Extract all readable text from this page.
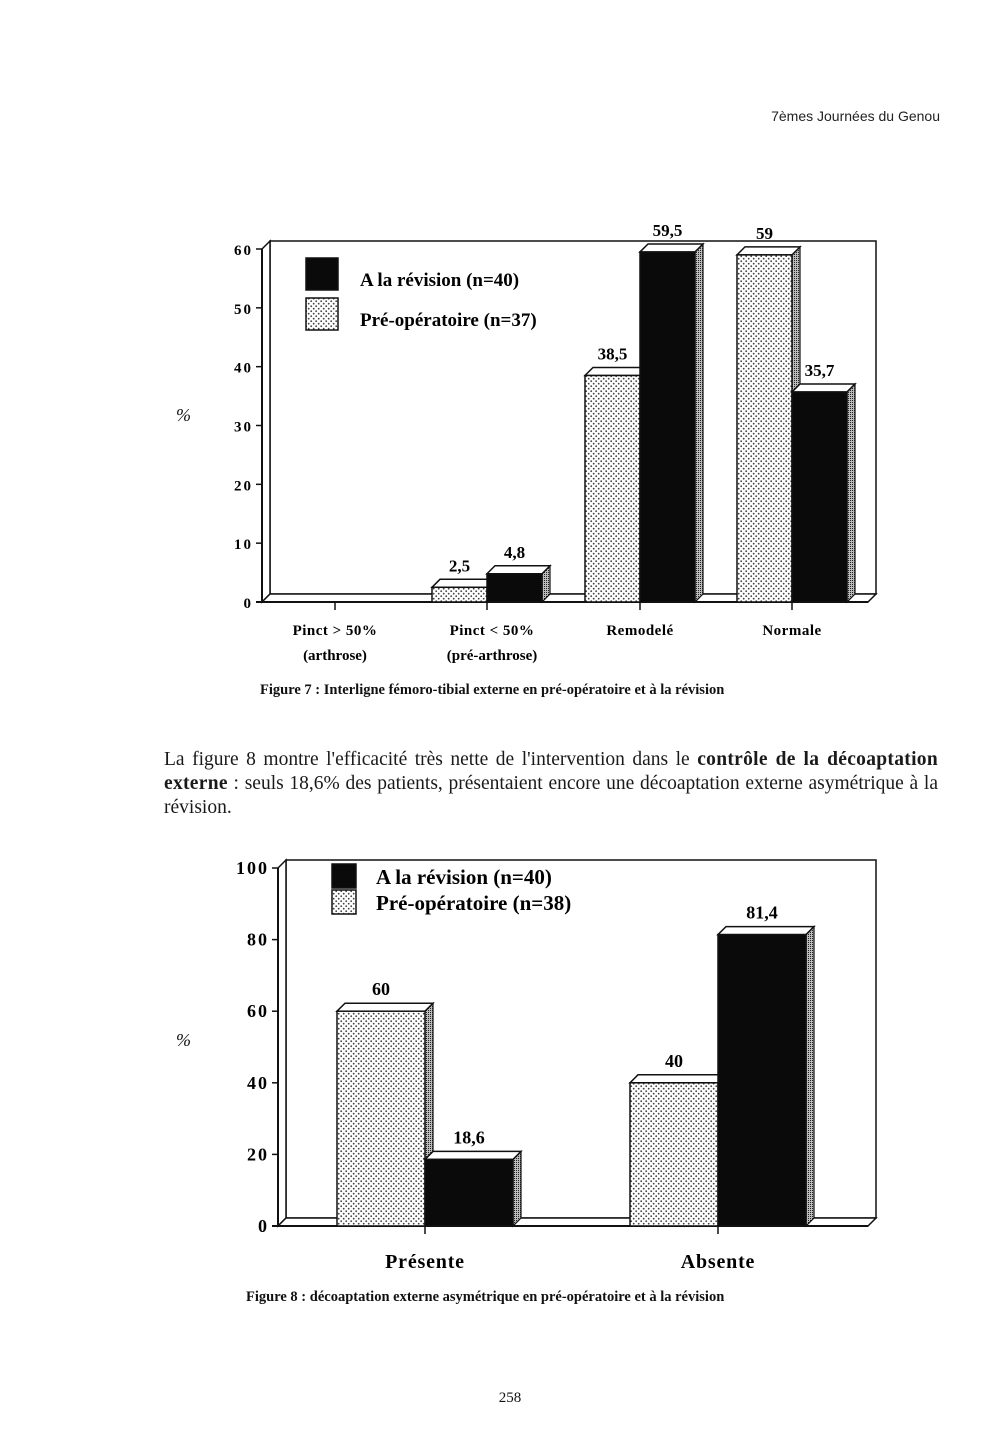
7èmes Journées du Genou
%
0
10
20
30
40
50
60
Pinct > 50%
(arthrose)
Pinct < 50%
(pré-arthrose)
2,5
4,8
Remodelé
38,5
59,5
Normale
59
35,7
A la révision (n=40)
Pré-opératoire (n=37)
Figure 7 : Interligne fémoro-tibial externe en pré-opératoire et à la révision
La figure 8 montre l'efficacité très nette de l'intervention dans le contrôle de la décoaptation externe : seuls 18,6% des patients, présentaient encore une décoaptation externe asymétrique à la révision.
%
0
20
40
60
80
100
Présente
60
18,6
Absente
40
81,4
A la révision (n=40)
Pré-opératoire (n=38)
Figure 8 : décoaptation externe asymétrique en pré-opératoire et à la révision
258
